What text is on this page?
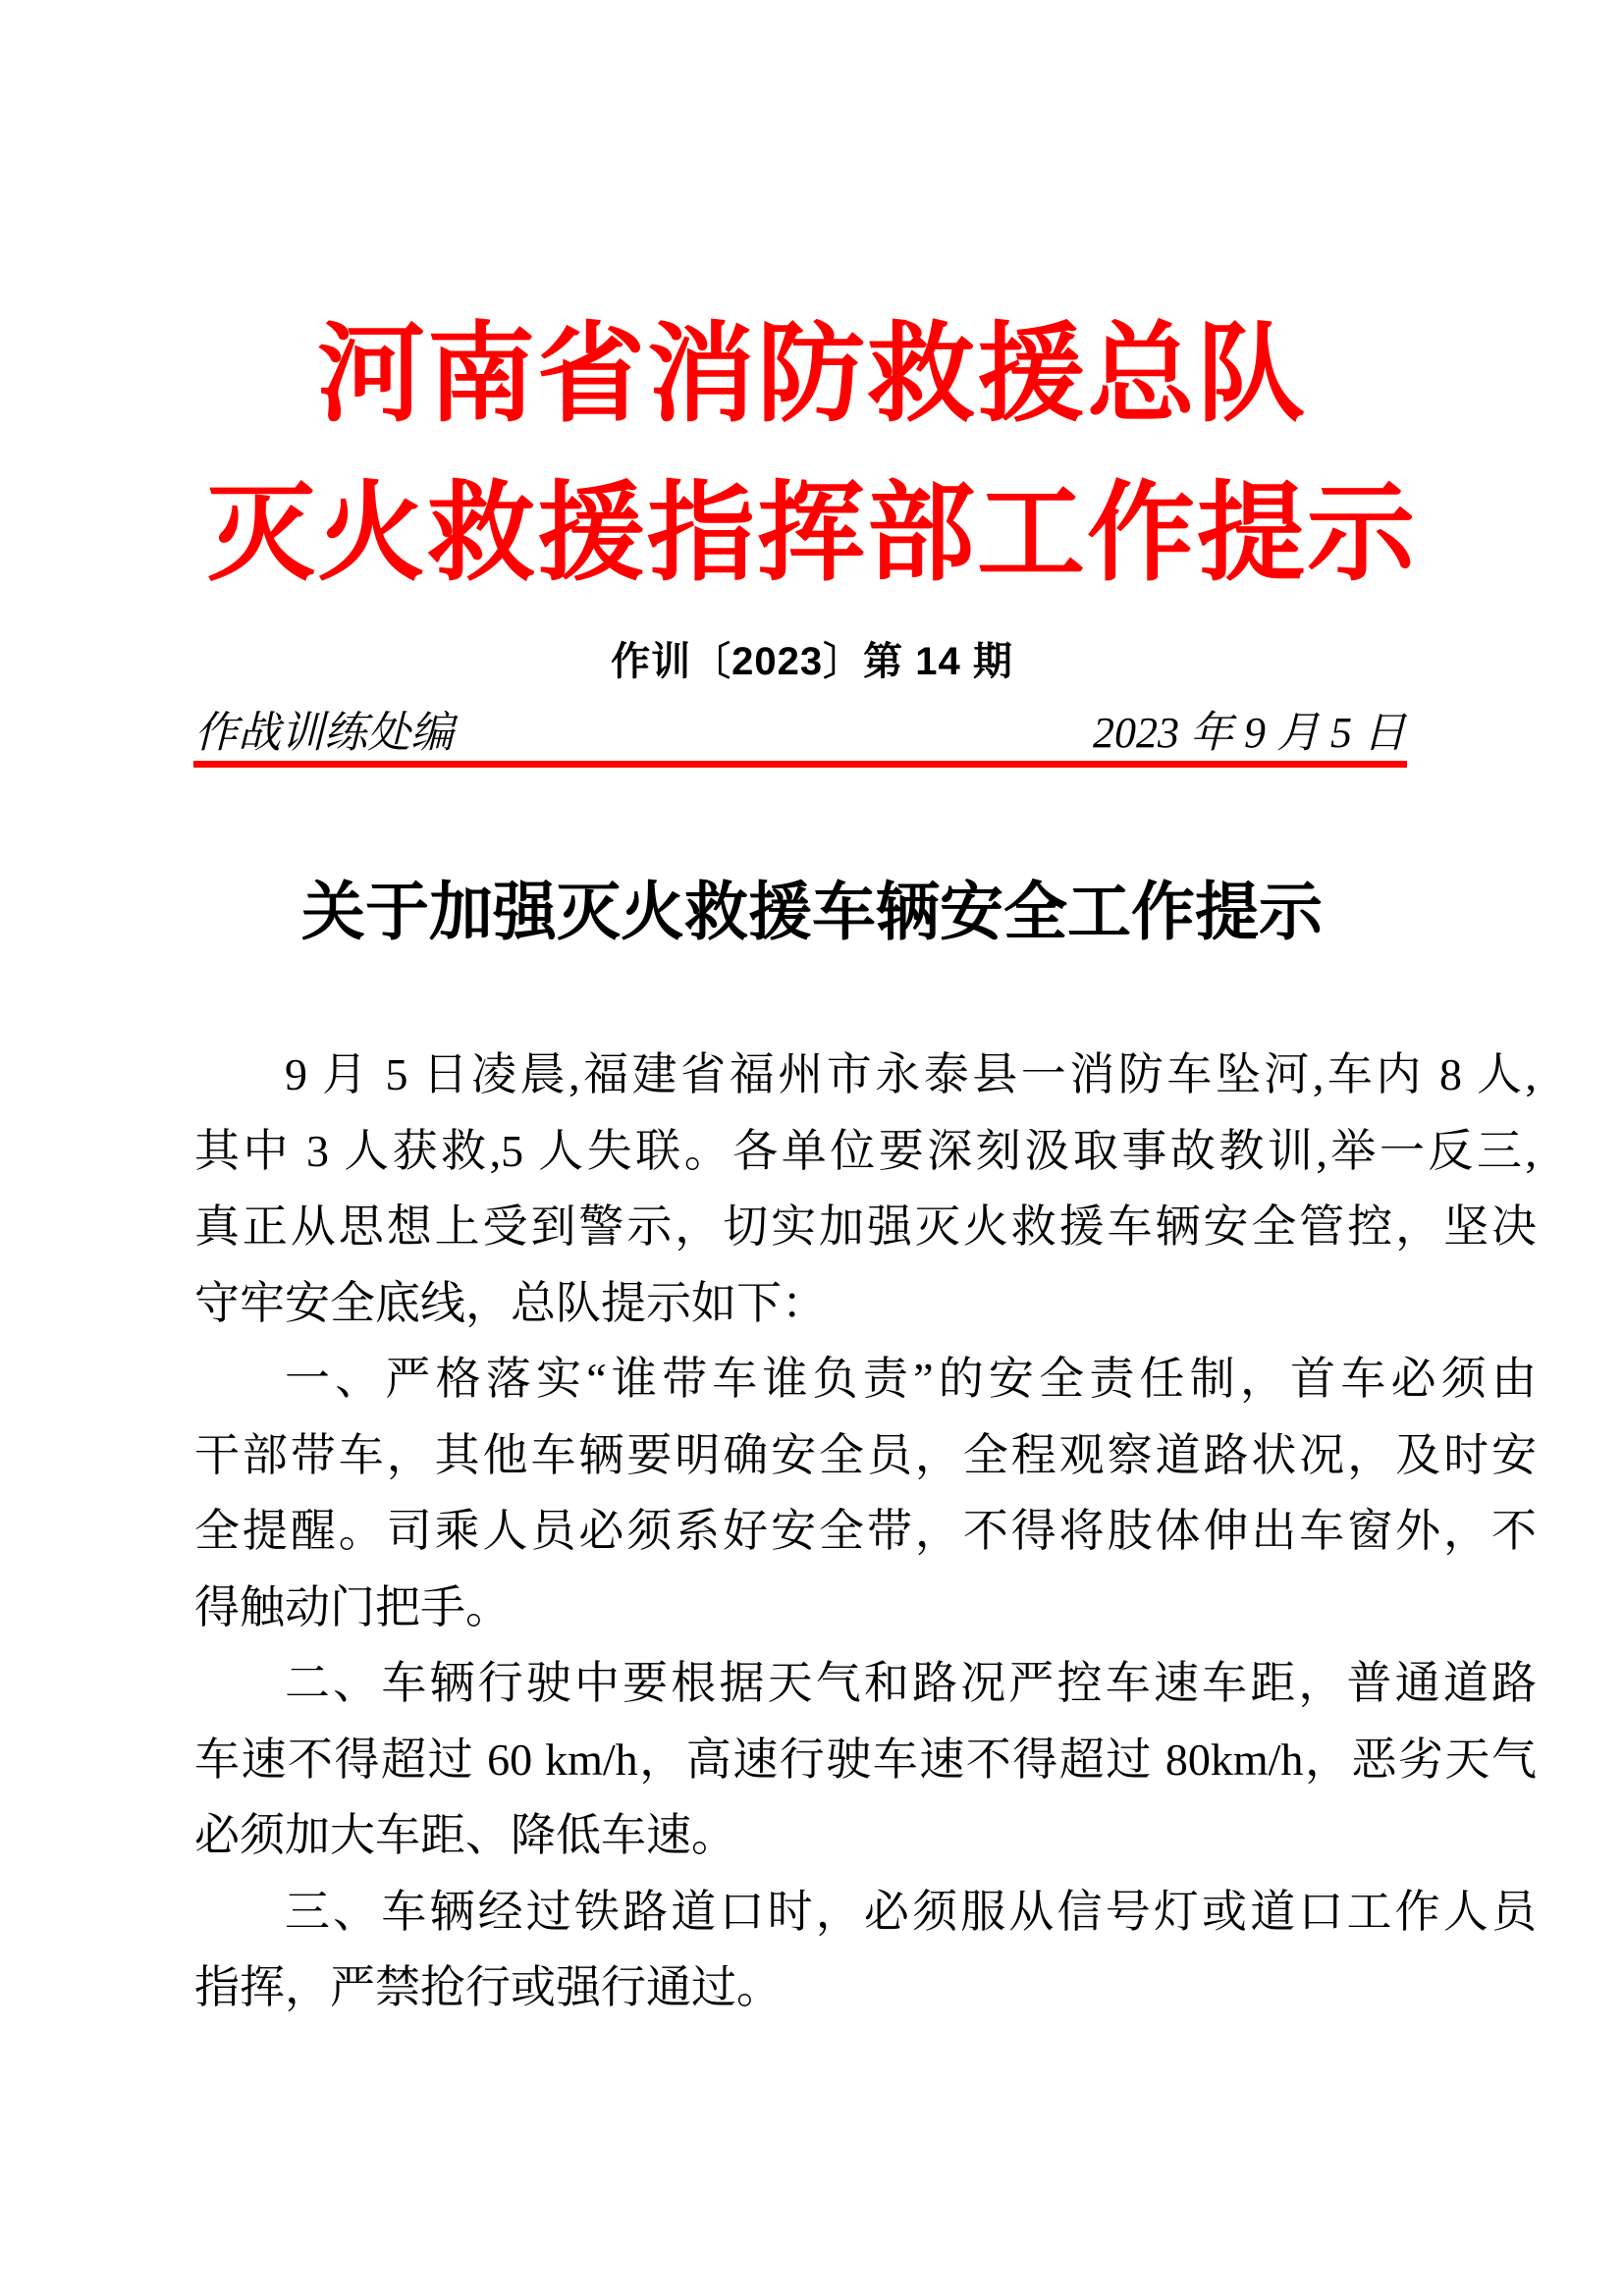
河南省消防救援总队
灭火救援指挥部工作提示
作训〔2023〕第 14 期
作战训练处编	2023 年 9 月 5 日
关于加强灭火救援车辆安全工作提示
9 月 5 日凌晨,福建省福州市永泰县一消防车坠河,车内 8 人,
其中 3 人获救,5 人失联。各单位要深刻汲取事故教训,举一反三,
真正从思想上受到警示，切实加强灭火救援车辆安全管控，坚决
守牢安全底线，总队提示如下：
一、严格落实“谁带车谁负责”的安全责任制，首车必须由
干部带车，其他车辆要明确安全员，全程观察道路状况，及时安
全提醒。司乘人员必须系好安全带，不得将肢体伸出车窗外，不
得触动门把手。
二、车辆行驶中要根据天气和路况严控车速车距，普通道路
车速不得超过 60 km/h，高速行驶车速不得超过 80km/h，恶劣天气
必须加大车距、降低车速。
三、车辆经过铁路道口时，必须服从信号灯或道口工作人员
指挥，严禁抢行或强行通过。
